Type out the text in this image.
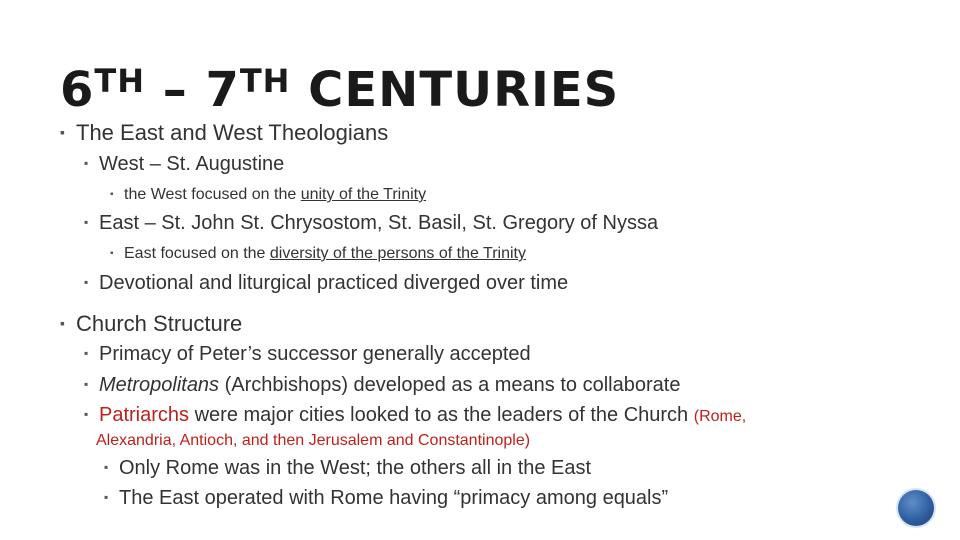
6TH – 7TH CENTURIES
▪ The East and West Theologians
▪ West – St. Augustine
▪ the West focused on the unity of the Trinity
▪ East – St. John St. Chrysostom, St. Basil, St. Gregory of Nyssa
▪ East focused on the diversity of the persons of the Trinity
▪ Devotional and liturgical practiced diverged over time
▪ Church Structure
▪ Primacy of Peter’s successor generally accepted
▪ Metropolitans (Archbishops) developed as a means to collaborate
▪ Patriarchs were major cities looked to as the leaders of the Church (Rome,
Alexandria, Antioch, and then Jerusalem and Constantinople)
▪ Only Rome was in the West; the others all in the East
▪ The East operated with Rome having “primacy among equals”
